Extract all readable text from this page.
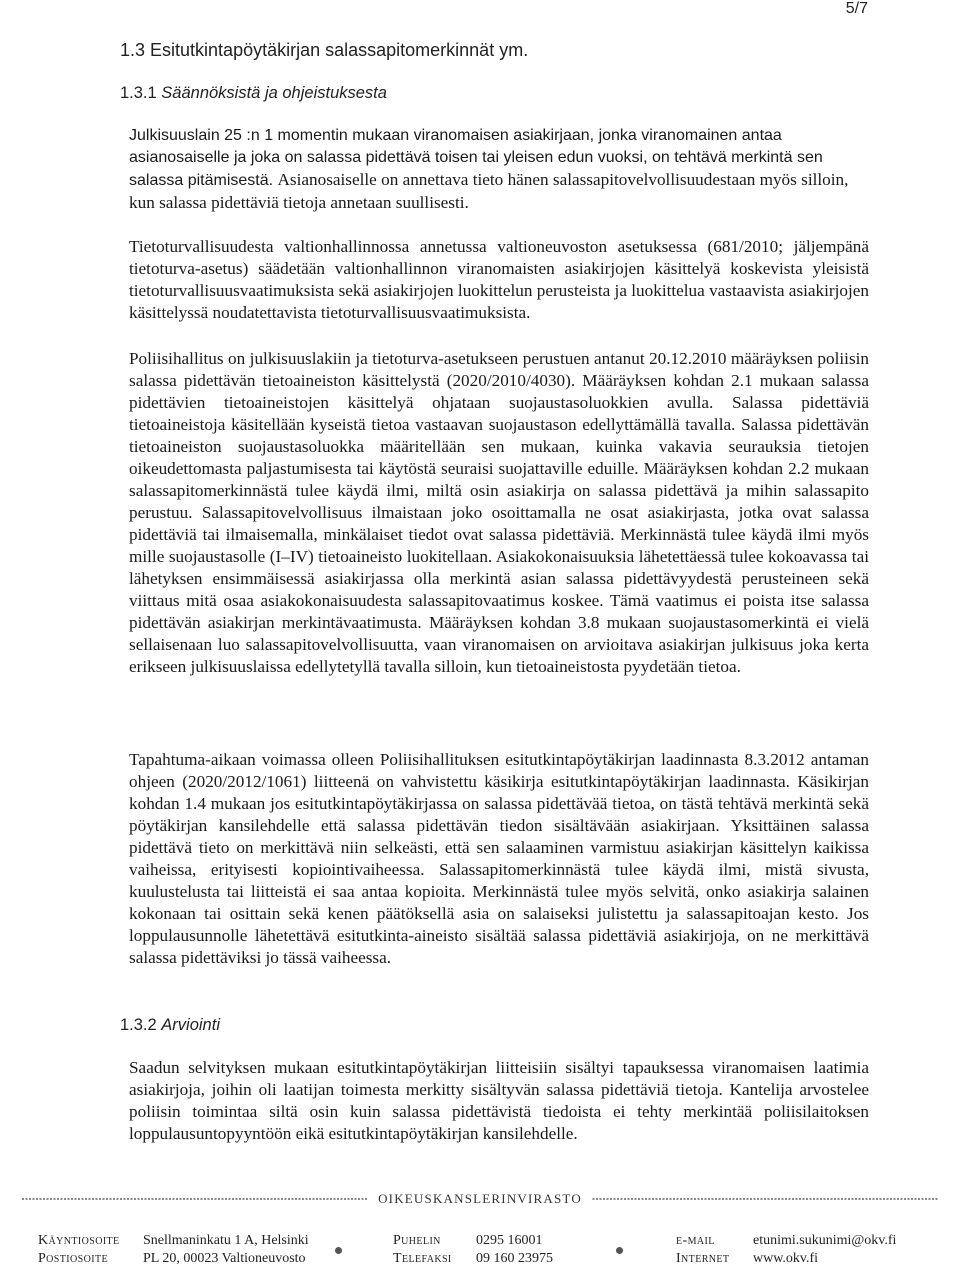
5/7
1.3 Esitutkintapöytäkirjan salassapitomerkinnät ym.
1.3.1 Säännöksistä ja ohjeistuksesta
Julkisuuslain 25 :n 1 momentin mukaan viranomaisen asiakirjaan, jonka viranomainen antaa asianosaiselle ja joka on salassa pidettävä toisen tai yleisen edun vuoksi, on tehtävä merkintä sen salassa pitämisestä. Asianosaiselle on annettava tieto hänen salassapitovelvollisuudestaan myös silloin, kun salassa pidettäviä tietoja annetaan suullisesti.
Tietoturvallisuudesta valtionhallinnossa annetussa valtioneuvoston asetuksessa (681/2010; jäljempänä tietoturva-asetus) säädetään valtionhallinnon viranomaisten asiakirjojen käsittelyä koskevista yleisistä tietoturvallisuusvaatimuksista sekä asiakirjojen luokittelun perusteista ja luokittelua vastaavista asiakirjojen käsittelyssä noudatettavista tietoturvallisuusvaatimuksista.
Poliisihallitus on julkisuuslakiin ja tietoturva-asetukseen perustuen antanut 20.12.2010 määräyksen poliisin salassa pidettävän tietoaineiston käsittelystä (2020/2010/4030). Määräyksen kohdan 2.1 mukaan salassa pidettävien tietoaineistojen käsittelyä ohjataan suojaustasoluokkien avulla. Salassa pidettäviä tietoaineistoja käsitellään kyseistä tietoa vastaavan suojaustason edellyttämällä tavalla. Salassa pidettävän tietoaineiston suojaustasoluokka määritellään sen mukaan, kuinka vakavia seurauksia tietojen oikeudettomasta paljastumisesta tai käytöstä seuraisi suojattaville eduille. Määräyksen kohdan 2.2 mukaan salassapitomerkinnästä tulee käydä ilmi, miltä osin asiakirja on salassa pidettävä ja mihin salassapito perustuu. Salassapitovelvollisuus ilmaistaan joko osoittamalla ne osat asiakirjasta, jotka ovat salassa pidettäviä tai ilmaisemalla, minkälaiset tiedot ovat salassa pidettäviä. Merkinnästä tulee käydä ilmi myös mille suojaustasolle (I–IV) tietoaineisto luokitellaan. Asiakokonaisuuksia lähetettäessä tulee kokoavassa tai lähetyksen ensimmäisessä asiakirjassa olla merkintä asian salassa pidettävyydestä perusteineen sekä viittaus mitä osaa asiakokonaisuudesta salassapitovaatimus koskee. Tämä vaatimus ei poista itse salassa pidettävän asiakirjan merkintävaatimusta. Määräyksen kohdan 3.8 mukaan suojaustasomerkintä ei vielä sellaisenaan luo salassapitovelvollisuutta, vaan viranomaisen on arvioitava asiakirjan julkisuus joka kerta erikseen julkisuuslaissa edellytetyllä tavalla silloin, kun tietoaineistosta pyydetään tietoa.
Tapahtuma-aikaan voimassa olleen Poliisihallituksen esitutkintapöytäkirjan laadinnasta 8.3.2012 antaman ohjeen (2020/2012/1061) liitteenä on vahvistettu käsikirja esitutkintapöytäkirjan laadinnasta. Käsikirjan kohdan 1.4 mukaan jos esitutkintapöytäkirjassa on salassa pidettävää tietoa, on tästä tehtävä merkintä sekä pöytäkirjan kansilehdelle että salassa pidettävän tiedon sisältävään asiakirjaan. Yksittäinen salassa pidettävä tieto on merkittävä niin selkeästi, että sen salaaminen varmistuu asiakirjan käsittelyn kaikissa vaiheissa, erityisesti kopiointivaiheessa. Salassapitomerkinnästä tulee käydä ilmi, mistä sivusta, kuulustelusta tai liitteistä ei saa antaa kopioita. Merkinnästä tulee myös selvitä, onko asiakirja salainen kokonaan tai osittain sekä kenen päätöksellä asia on salaiseksi julistettu ja salassapitoajan kesto. Jos loppulausunnolle lähetettävä esitutkinta-aineisto sisältää salassa pidettäviä asiakirjoja, on ne merkittävä salassa pidettäviksi jo tässä vaiheessa.
1.3.2 Arviointi
Saadun selvityksen mukaan esitutkintapöytäkirjan liitteisiin sisältyi tapauksessa viranomaisen laatimia asiakirjoja, joihin oli laatijan toimesta merkitty sisältyvän salassa pidettäviä tietoja. Kantelija arvostelee poliisin toimintaa siltä osin kuin salassa pidettävistä tiedoista ei tehty merkintää poliisilaitoksen loppulausuntopyyntöön eikä esitutkintapöytäkirjan kansilehdelle.
OIKEUSKANSLERINVIRASTO
Käyntiosoite Snellmaninkatu 1 A, Helsinki
Postiosoite	PL 20, 00023 Valtioneuvosto
Puhelin	0295 16001
Telefaksi 09 160 23975
e-mail	etunimi.sukunimi@okv.fi
Internet www.okv.fi
